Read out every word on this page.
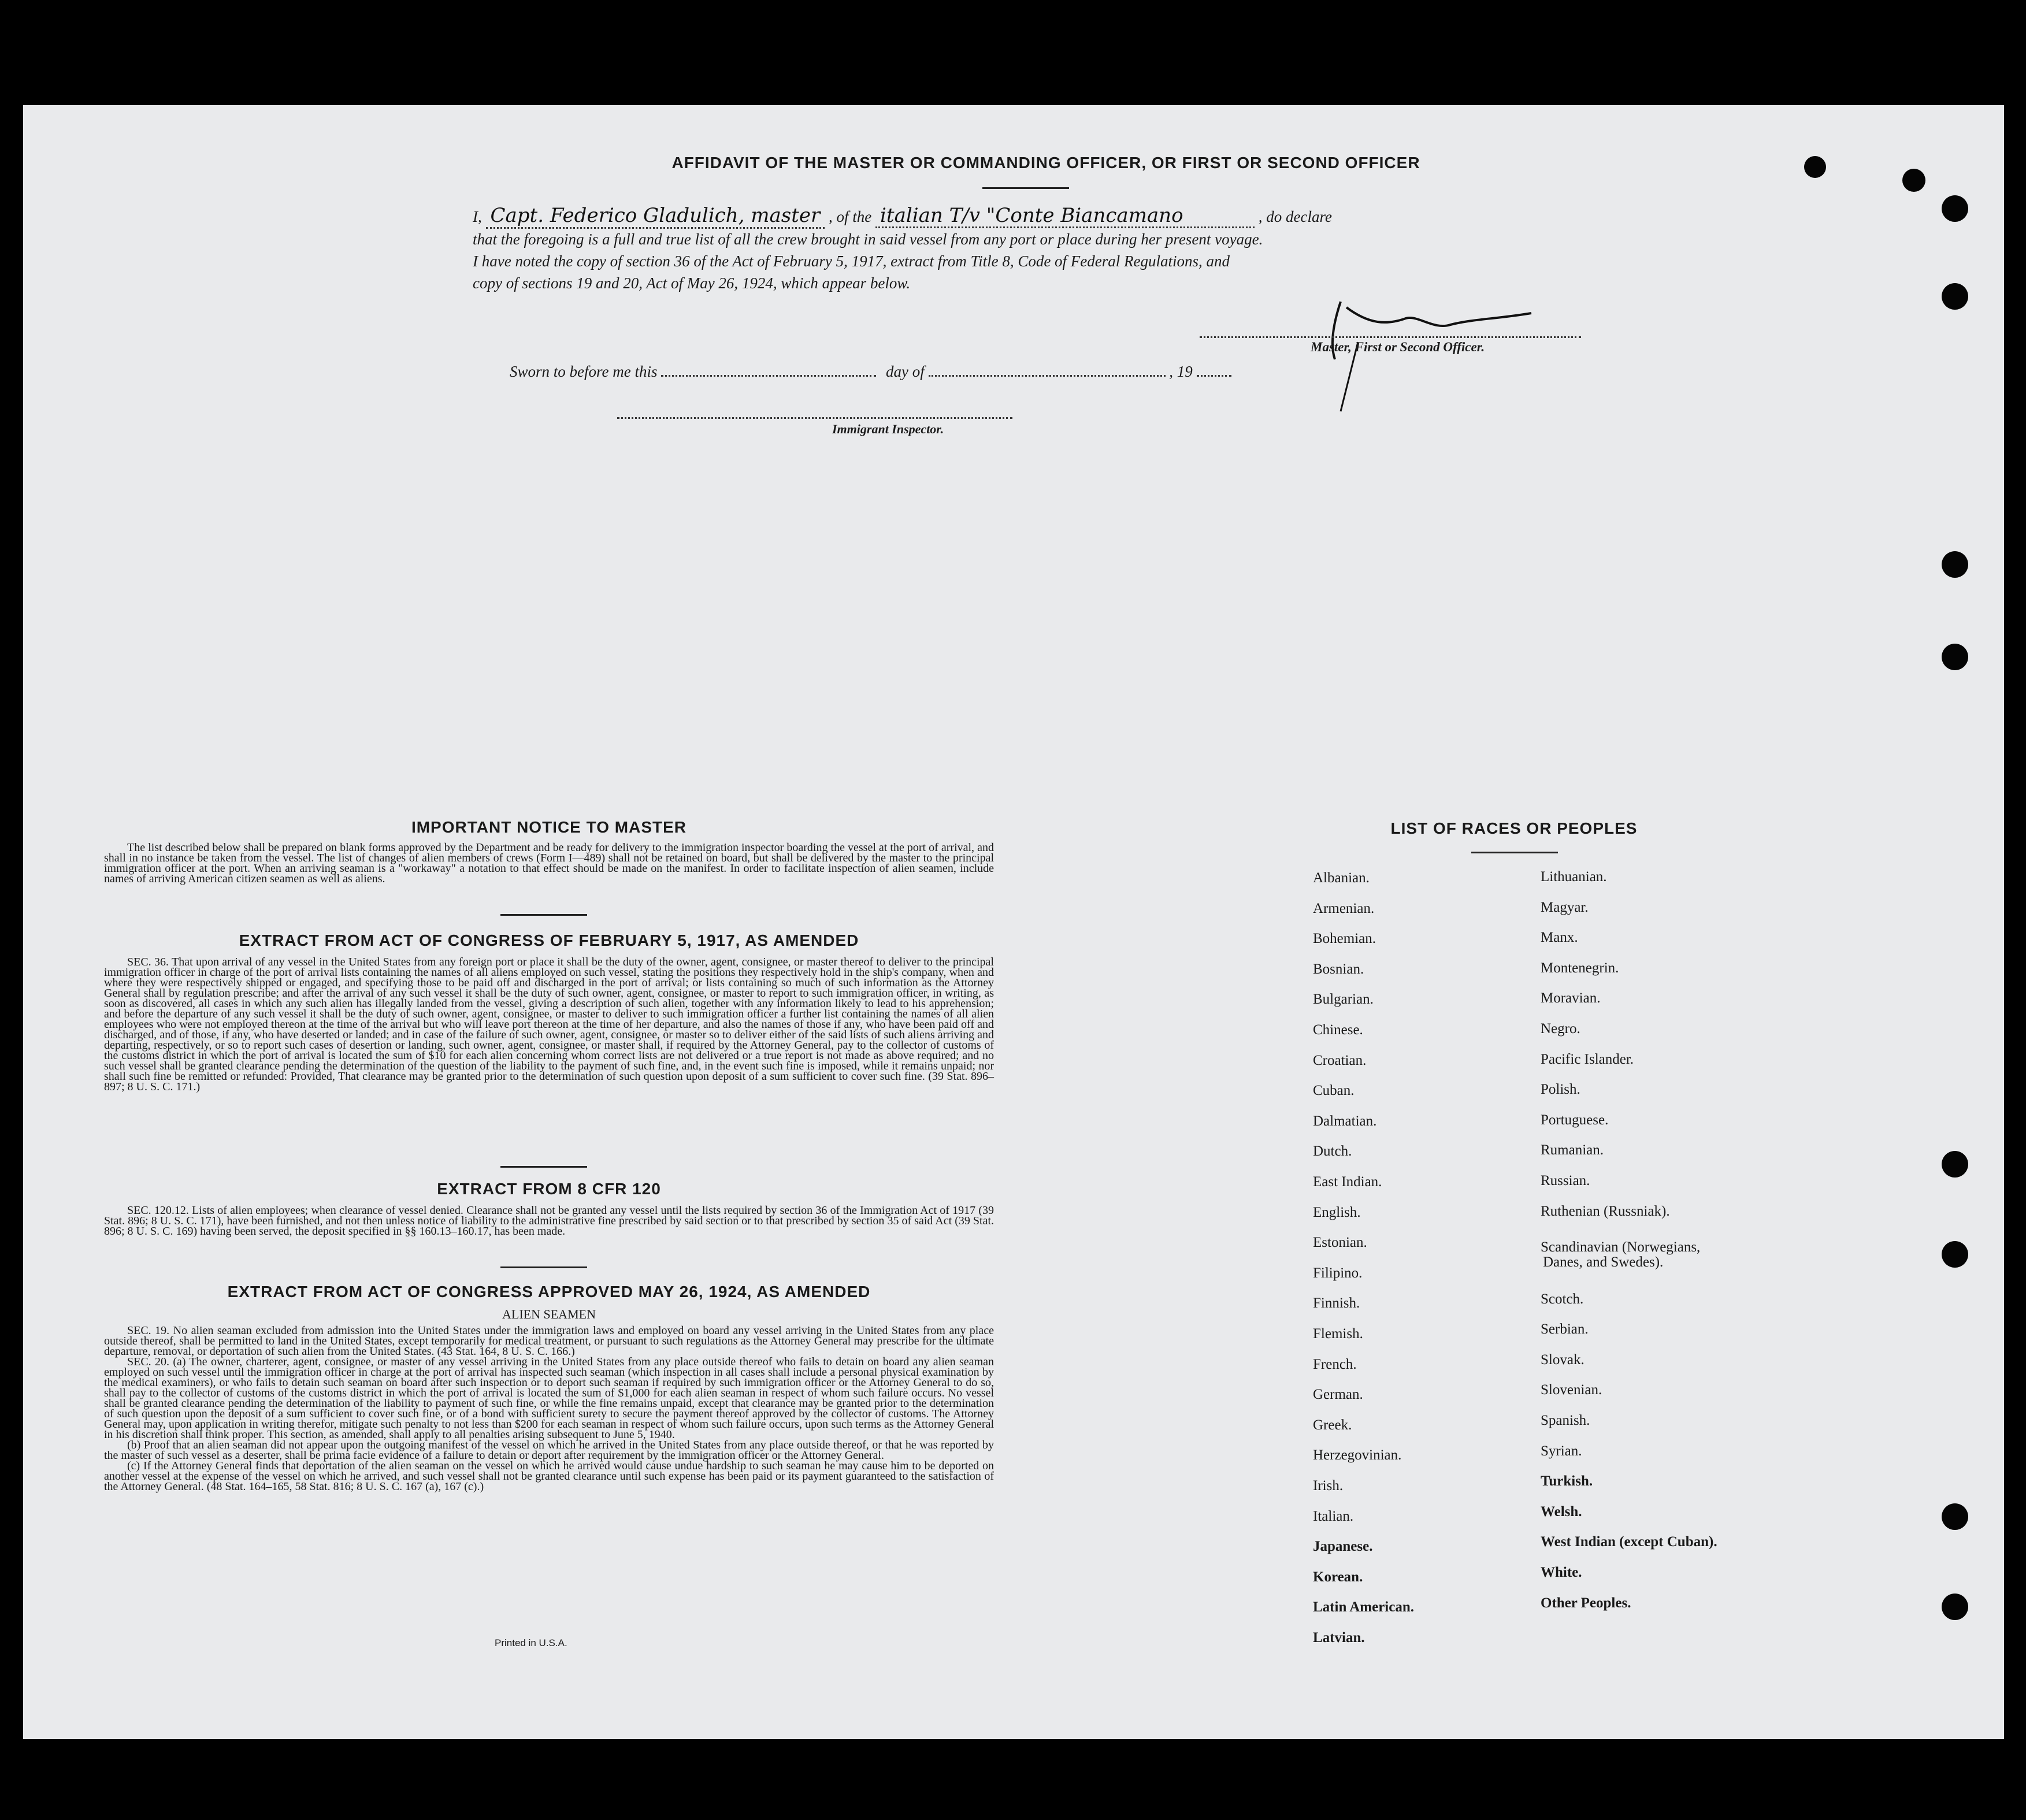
AFFIDAVIT OF THE MASTER OR COMMANDING OFFICER, OR FIRST OR SECOND OFFICER
I, Capt. Federico Gladulich, master , of the italian T/v "Conte Biancamano	, do declare
that the foregoing is a full and true list of all the crew brought in said vessel from any port or place during her present voyage.
I have noted the copy of section 36 of the Act of February 5, 1917, extract from Title 8, Code of Federal Regulations, and
copy of sections 19 and 20, Act of May 26, 1924, which appear below.
Master, First or Second Officer.
Sworn to before me this	day of	, 19
Immigrant Inspector.
IMPORTANT NOTICE TO MASTER
The list described below shall be prepared on blank forms approved by the Department and be ready for delivery to the immigration inspector boarding the vessel at the port of arrival, and shall in no instance be taken from the vessel. The list of changes of alien members of crews (Form I—489) shall not be retained on board, but shall be delivered by the master to the principal immigration officer at the port. When an arriving seaman is a "workaway" a notation to that effect should be made on the manifest. In order to facilitate inspection of alien seamen, include names of arriving American citizen seamen as well as aliens.
EXTRACT FROM ACT OF CONGRESS OF FEBRUARY 5, 1917, AS AMENDED
SEC. 36. That upon arrival of any vessel in the United States from any foreign port or place it shall be the duty of the owner, agent, consignee, or master thereof to deliver to the principal immigration officer in charge of the port of arrival lists containing the names of all aliens employed on such vessel, stating the positions they respectively hold in the ship's company, when and where they were respectively shipped or engaged, and specifying those to be paid off and discharged in the port of arrival; or lists containing so much of such information as the Attorney General shall by regulation prescribe; and after the arrival of any such vessel it shall be the duty of such owner, agent, consignee, or master to report to such immigration officer, in writing, as soon as discovered, all cases in which any such alien has illegally landed from the vessel, giving a description of such alien, together with any information likely to lead to his apprehension; and before the departure of any such vessel it shall be the duty of such owner, agent, consignee, or master to deliver to such immigration officer a further list containing the names of all alien employees who were not employed thereon at the time of the arrival but who will leave port thereon at the time of her departure, and also the names of those if any, who have been paid off and discharged, and of those, if any, who have deserted or landed; and in case of the failure of such owner, agent, consignee, or master so to deliver either of the said lists of such aliens arriving and departing, respectively, or so to report such cases of desertion or landing, such owner, agent, consignee, or master shall, if required by the Attorney General, pay to the collector of customs of the customs district in which the port of arrival is located the sum of $10 for each alien concerning whom correct lists are not delivered or a true report is not made as above required; and no such vessel shall be granted clearance pending the determination of the question of the liability to the payment of such fine, and, in the event such fine is imposed, while it remains unpaid; nor shall such fine be remitted or refunded: Provided, That clearance may be granted prior to the determination of such question upon deposit of a sum sufficient to cover such fine. (39 Stat. 896–897; 8 U. S. C. 171.)
EXTRACT FROM 8 CFR 120
SEC. 120.12. Lists of alien employees; when clearance of vessel denied. Clearance shall not be granted any vessel until the lists required by section 36 of the Immigration Act of 1917 (39 Stat. 896; 8 U. S. C. 171), have been furnished, and not then unless notice of liability to the administrative fine prescribed by said section or to that prescribed by section 35 of said Act (39 Stat. 896; 8 U. S. C. 169) having been served, the deposit specified in §§ 160.13–160.17, has been made.
EXTRACT FROM ACT OF CONGRESS APPROVED MAY 26, 1924, AS AMENDED
ALIEN SEAMEN
SEC. 19. No alien seaman excluded from admission into the United States under the immigration laws and employed on board any vessel arriving in the United States from any place outside thereof, shall be permitted to land in the United States, except temporarily for medical treatment, or pursuant to such regulations as the Attorney General may prescribe for the ultimate departure, removal, or deportation of such alien from the United States. (43 Stat. 164, 8 U. S. C. 166.)
SEC. 20. (a) The owner, charterer, agent, consignee, or master of any vessel arriving in the United States from any place outside thereof who fails to detain on board any alien seaman employed on such vessel until the immigration officer in charge at the port of arrival has inspected such seaman (which inspection in all cases shall include a personal physical examination by the medical examiners), or who fails to detain such seaman on board after such inspection or to deport such seaman if required by such immigration officer or the Attorney General to do so, shall pay to the collector of customs of the customs district in which the port of arrival is located the sum of $1,000 for each alien seaman in respect of whom such failure occurs. No vessel shall be granted clearance pending the determination of the liability to payment of such fine, or while the fine remains unpaid, except that clearance may be granted prior to the determination of such question upon the deposit of a sum sufficient to cover such fine, or of a bond with sufficient surety to secure the payment thereof approved by the collector of customs. The Attorney General may, upon application in writing therefor, mitigate such penalty to not less than $200 for each seaman in respect of whom such failure occurs, upon such terms as the Attorney General in his discretion shall think proper. This section, as amended, shall apply to all penalties arising subsequent to June 5, 1940.
(b) Proof that an alien seaman did not appear upon the outgoing manifest of the vessel on which he arrived in the United States from any place outside thereof, or that he was reported by the master of such vessel as a deserter, shall be prima facie evidence of a failure to detain or deport after requirement by the immigration officer or the Attorney General.
(c) If the Attorney General finds that deportation of the alien seaman on the vessel on which he arrived would cause undue hardship to such seaman he may cause him to be deported on another vessel at the expense of the vessel on which he arrived, and such vessel shall not be granted clearance until such expense has been paid or its payment guaranteed to the satisfaction of the Attorney General. (48 Stat. 164–165, 58 Stat. 816; 8 U. S. C. 167 (a), 167 (c).)
Printed in U.S.A.
LIST OF RACES OR PEOPLES
Albanian.
Armenian.
Bohemian.
Bosnian.
Bulgarian.
Chinese.
Croatian.
Cuban.
Dalmatian.
Dutch.
East Indian.
English.
Estonian.
Filipino.
Finnish.
Flemish.
French.
German.
Greek.
Herzegovinian.
Irish.
Italian.
Japanese.
Korean.
Latin American.
Latvian.
Lithuanian.
Magyar.
Manx.
Montenegrin.
Moravian.
Negro.
Pacific Islander.
Polish.
Portuguese.
Rumanian.
Russian.
Ruthenian (Russniak).
Scandinavian (Norwegians,
Danes, and Swedes).
Scotch.
Serbian.
Slovak.
Slovenian.
Spanish.
Syrian.
Turkish.
Welsh.
West Indian (except Cuban).
White.
Other Peoples.
